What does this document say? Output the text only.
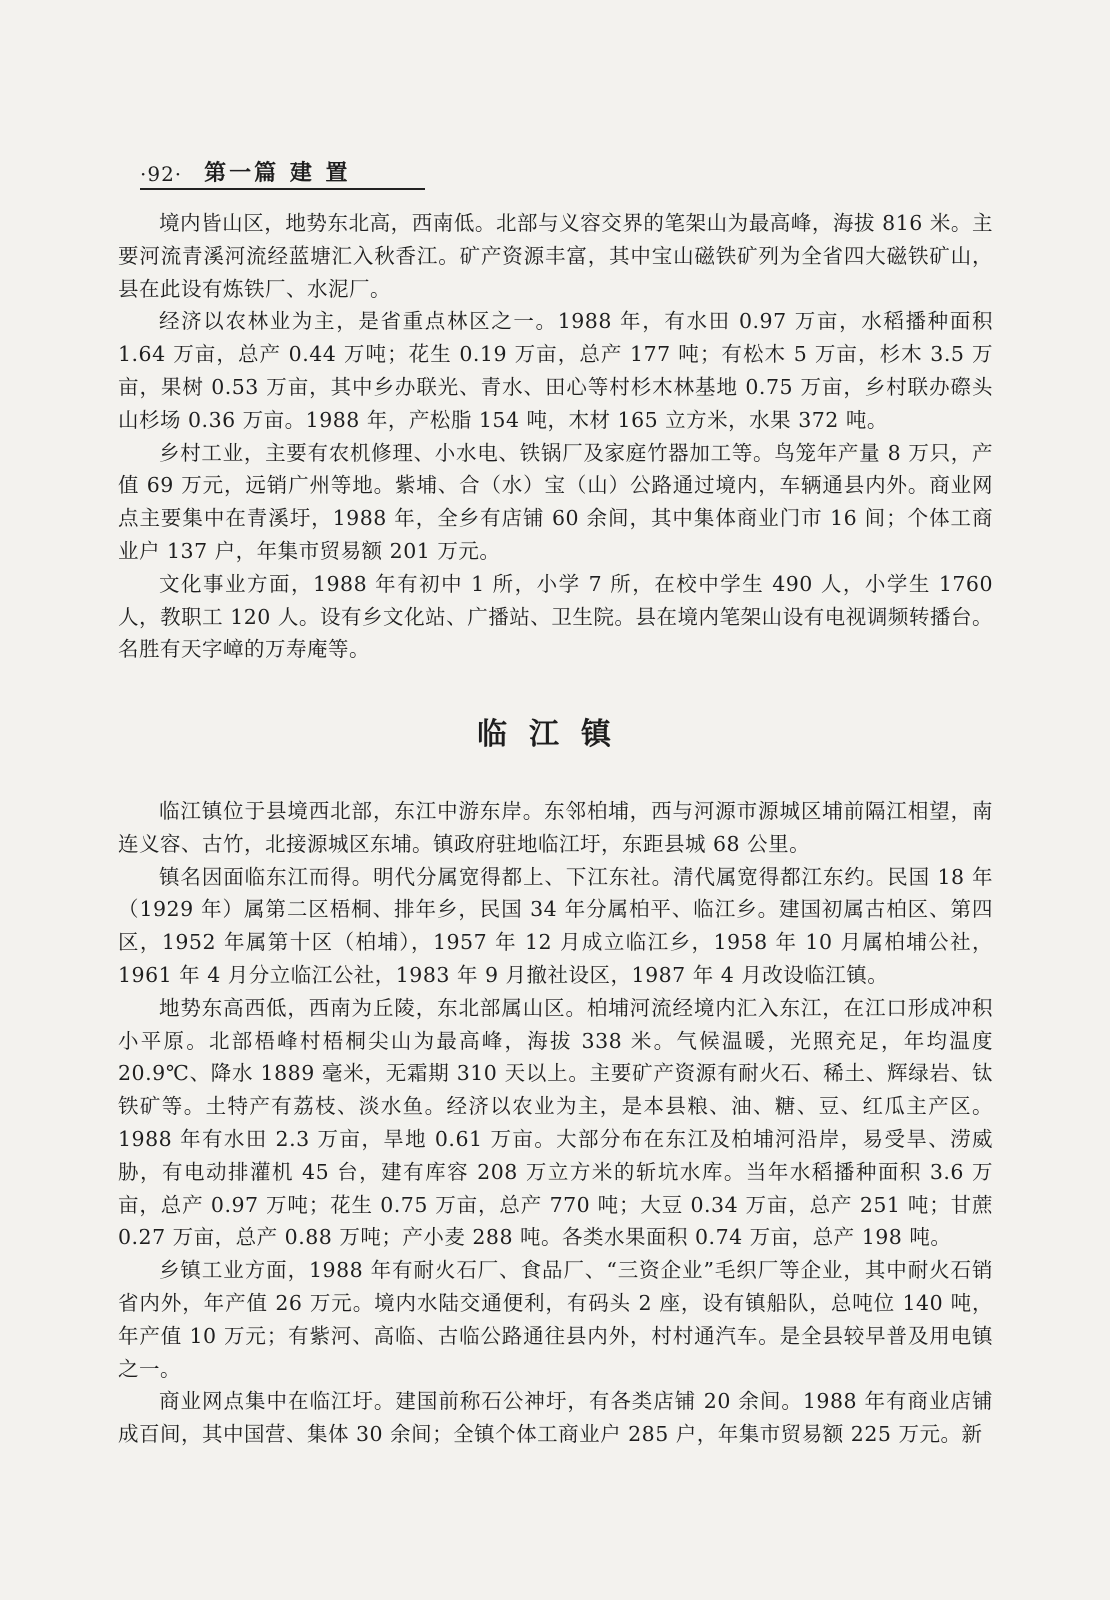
·92· 第一篇 建 置

境内皆山区，地势东北高，西南低。北部与义容交界的笔架山为最高峰，海拔 816 米。主要河流青溪河流经蓝塘汇入秋香江。矿产资源丰富，其中宝山磁铁矿列为全省四大磁铁矿山，县在此设有炼铁厂、水泥厂。

经济以农林业为主，是省重点林区之一。1988 年，有水田 0.97 万亩，水稻播种面积 1.64 万亩，总产 0.44 万吨；花生 0.19 万亩，总产 177 吨；有松木 5 万亩，杉木 3.5 万亩，果树 0.53 万亩，其中乡办联光、青水、田心等村杉木林基地 0.75 万亩，乡村联办磜头山杉场 0.36 万亩。1988 年，产松脂 154 吨，木材 165 立方米，水果 372 吨。

乡村工业，主要有农机修理、小水电、铁锅厂及家庭竹器加工等。鸟笼年产量 8 万只，产值 69 万元，远销广州等地。紫埔、合（水）宝（山）公路通过境内，车辆通县内外。商业网点主要集中在青溪圩，1988 年，全乡有店铺 60 余间，其中集体商业门市 16 间；个体工商业户 137 户，年集市贸易额 201 万元。

文化事业方面，1988 年有初中 1 所，小学 7 所，在校中学生 490 人，小学生 1760 人，教职工 120 人。设有乡文化站、广播站、卫生院。县在境内笔架山设有电视调频转播台。名胜有天字嶂的万寿庵等。

临江镇

临江镇位于县境西北部，东江中游东岸。东邻柏埔，西与河源市源城区埔前隔江相望，南连义容、古竹，北接源城区东埔。镇政府驻地临江圩，东距县城 68 公里。

镇名因面临东江而得。明代分属宽得都上、下江东社。清代属宽得都江东约。民国 18 年（1929 年）属第二区梧桐、排年乡，民国 34 年分属柏平、临江乡。建国初属古柏区、第四区，1952 年属第十区（柏埔），1957 年 12 月成立临江乡，1958 年 10 月属柏埔公社，1961 年 4 月分立临江公社，1983 年 9 月撤社设区，1987 年 4 月改设临江镇。

地势东高西低，西南为丘陵，东北部属山区。柏埔河流经境内汇入东江，在江口形成冲积小平原。北部梧峰村梧桐尖山为最高峰，海拔 338 米。气候温暖，光照充足，年均温度 20.9℃、降水 1889 毫米，无霜期 310 天以上。主要矿产资源有耐火石、稀土、辉绿岩、钛铁矿等。土特产有荔枝、淡水鱼。经济以农业为主，是本县粮、油、糖、豆、红瓜主产区。1988 年有水田 2.3 万亩，旱地 0.61 万亩。大部分布在东江及柏埔河沿岸，易受旱、涝威胁，有电动排灌机 45 台，建有库容 208 万立方米的斩坑水库。当年水稻播种面积 3.6 万亩，总产 0.97 万吨；花生 0.75 万亩，总产 770 吨；大豆 0.34 万亩，总产 251 吨；甘蔗 0.27 万亩，总产 0.88 万吨；产小麦 288 吨。各类水果面积 0.74 万亩，总产 198 吨。

乡镇工业方面，1988 年有耐火石厂、食品厂、“三资企业”毛织厂等企业，其中耐火石销省内外，年产值 26 万元。境内水陆交通便利，有码头 2 座，设有镇船队，总吨位 140 吨，年产值 10 万元；有紫河、高临、古临公路通往县内外，村村通汽车。是全县较早普及用电镇之一。

商业网点集中在临江圩。建国前称石公神圩，有各类店铺 20 余间。1988 年有商业店铺成百间，其中国营、集体 30 余间；全镇个体工商业户 285 户，年集市贸易额 225 万元。新
